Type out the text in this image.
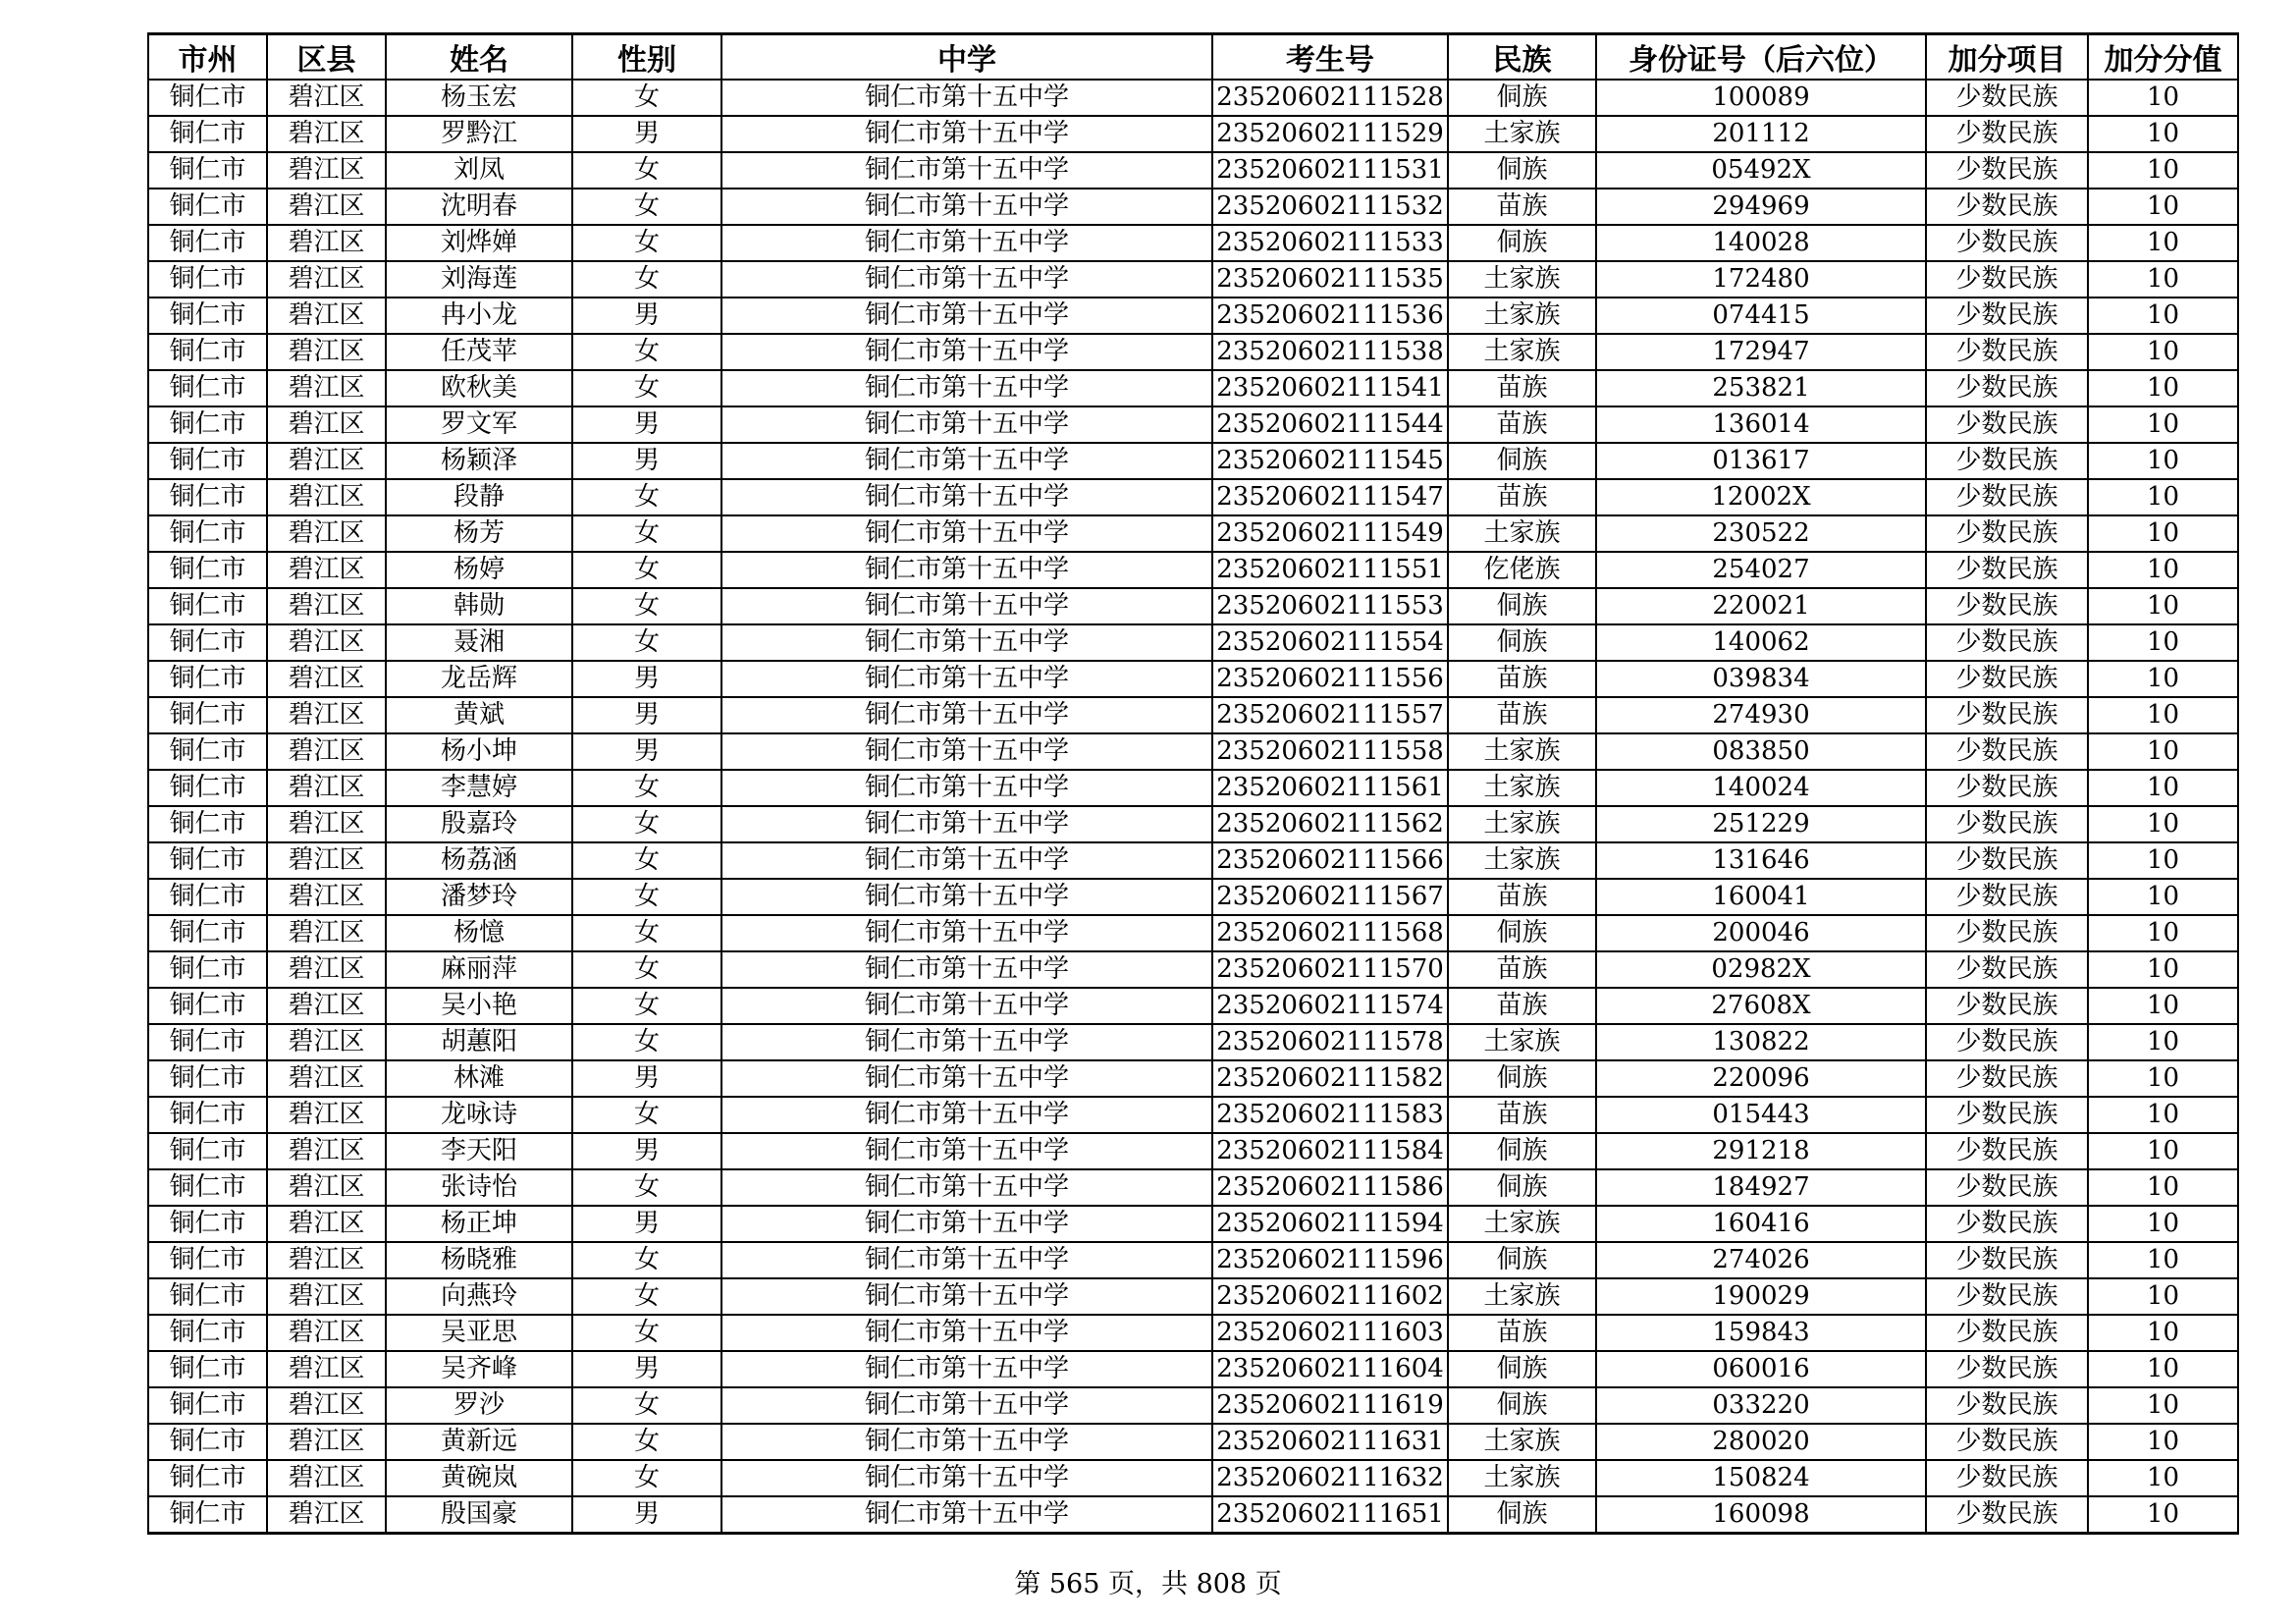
市州	区县	姓名	性别	中学	考生号	民族	身份证号（后六位）	加分项目	加分分值
铜仁市	碧江区	杨玉宏	女	铜仁市第十五中学	23520602111528	侗族	100089	少数民族	10
铜仁市	碧江区	罗黔江	男	铜仁市第十五中学	23520602111529	土家族	201112	少数民族	10
铜仁市	碧江区	刘凤	女	铜仁市第十五中学	23520602111531	侗族	05492X	少数民族	10
铜仁市	碧江区	沈明春	女	铜仁市第十五中学	23520602111532	苗族	294969	少数民族	10
铜仁市	碧江区	刘烨婵	女	铜仁市第十五中学	23520602111533	侗族	140028	少数民族	10
铜仁市	碧江区	刘海莲	女	铜仁市第十五中学	23520602111535	土家族	172480	少数民族	10
铜仁市	碧江区	冉小龙	男	铜仁市第十五中学	23520602111536	土家族	074415	少数民族	10
铜仁市	碧江区	任茂苹	女	铜仁市第十五中学	23520602111538	土家族	172947	少数民族	10
铜仁市	碧江区	欧秋美	女	铜仁市第十五中学	23520602111541	苗族	253821	少数民族	10
铜仁市	碧江区	罗文军	男	铜仁市第十五中学	23520602111544	苗族	136014	少数民族	10
铜仁市	碧江区	杨颖泽	男	铜仁市第十五中学	23520602111545	侗族	013617	少数民族	10
铜仁市	碧江区	段静	女	铜仁市第十五中学	23520602111547	苗族	12002X	少数民族	10
铜仁市	碧江区	杨芳	女	铜仁市第十五中学	23520602111549	土家族	230522	少数民族	10
铜仁市	碧江区	杨婷	女	铜仁市第十五中学	23520602111551	仡佬族	254027	少数民族	10
铜仁市	碧江区	韩勋	女	铜仁市第十五中学	23520602111553	侗族	220021	少数民族	10
铜仁市	碧江区	聂湘	女	铜仁市第十五中学	23520602111554	侗族	140062	少数民族	10
铜仁市	碧江区	龙岳辉	男	铜仁市第十五中学	23520602111556	苗族	039834	少数民族	10
铜仁市	碧江区	黄斌	男	铜仁市第十五中学	23520602111557	苗族	274930	少数民族	10
铜仁市	碧江区	杨小坤	男	铜仁市第十五中学	23520602111558	土家族	083850	少数民族	10
铜仁市	碧江区	李慧婷	女	铜仁市第十五中学	23520602111561	土家族	140024	少数民族	10
铜仁市	碧江区	殷嘉玲	女	铜仁市第十五中学	23520602111562	土家族	251229	少数民族	10
铜仁市	碧江区	杨荔涵	女	铜仁市第十五中学	23520602111566	土家族	131646	少数民族	10
铜仁市	碧江区	潘梦玲	女	铜仁市第十五中学	23520602111567	苗族	160041	少数民族	10
铜仁市	碧江区	杨憶	女	铜仁市第十五中学	23520602111568	侗族	200046	少数民族	10
铜仁市	碧江区	麻丽萍	女	铜仁市第十五中学	23520602111570	苗族	02982X	少数民族	10
铜仁市	碧江区	吴小艳	女	铜仁市第十五中学	23520602111574	苗族	27608X	少数民族	10
铜仁市	碧江区	胡蕙阳	女	铜仁市第十五中学	23520602111578	土家族	130822	少数民族	10
铜仁市	碧江区	林滩	男	铜仁市第十五中学	23520602111582	侗族	220096	少数民族	10
铜仁市	碧江区	龙咏诗	女	铜仁市第十五中学	23520602111583	苗族	015443	少数民族	10
铜仁市	碧江区	李天阳	男	铜仁市第十五中学	23520602111584	侗族	291218	少数民族	10
铜仁市	碧江区	张诗怡	女	铜仁市第十五中学	23520602111586	侗族	184927	少数民族	10
铜仁市	碧江区	杨正坤	男	铜仁市第十五中学	23520602111594	土家族	160416	少数民族	10
铜仁市	碧江区	杨晓雅	女	铜仁市第十五中学	23520602111596	侗族	274026	少数民族	10
铜仁市	碧江区	向燕玲	女	铜仁市第十五中学	23520602111602	土家族	190029	少数民族	10
铜仁市	碧江区	吴亚思	女	铜仁市第十五中学	23520602111603	苗族	159843	少数民族	10
铜仁市	碧江区	吴齐峰	男	铜仁市第十五中学	23520602111604	侗族	060016	少数民族	10
铜仁市	碧江区	罗沙	女	铜仁市第十五中学	23520602111619	侗族	033220	少数民族	10
铜仁市	碧江区	黄新远	女	铜仁市第十五中学	23520602111631	土家族	280020	少数民族	10
铜仁市	碧江区	黄碗岚	女	铜仁市第十五中学	23520602111632	土家族	150824	少数民族	10
铜仁市	碧江区	殷国豪	男	铜仁市第十五中学	23520602111651	侗族	160098	少数民族	10
第 565 页，共 808 页
